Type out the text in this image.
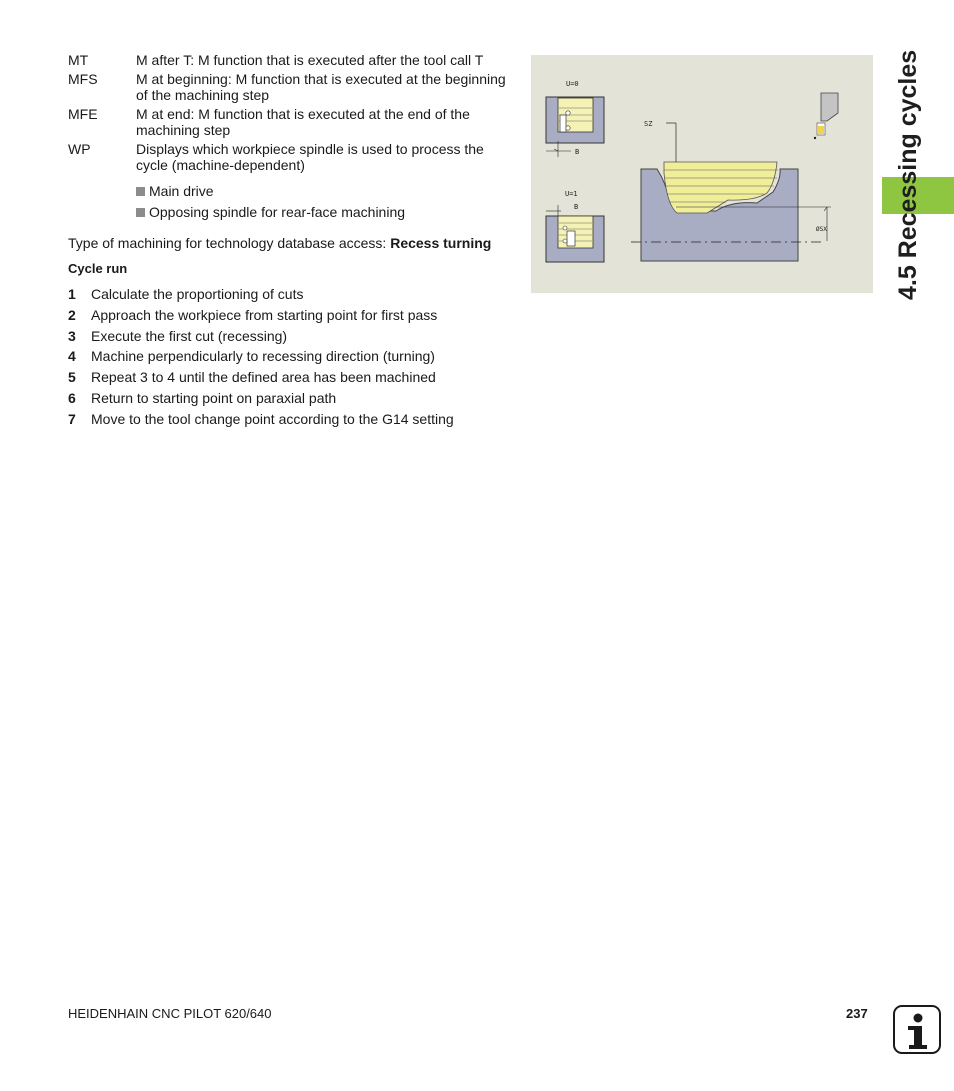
MT	M after T: M function that is executed after the tool call T
MFS	M at beginning: M function that is executed at the beginning of the machining step
MFE	M at end: M function that is executed at the end of the machining step
WP	Displays which workpiece spindle is used to process the cycle (machine-dependent)
Main drive
Opposing spindle for rear-face machining
Type of machining for technology database access: Recess turning
Cycle run
1	Calculate the proportioning of cuts
2	Approach the workpiece from starting point for first pass
3	Execute the first cut (recessing)
4	Machine perpendicularly to recessing direction (turning)
5	Repeat 3 to 4 until the defined area has been machined
6	Return to starting point on paraxial path
7	Move to the tool change point according to the G14 setting
U=0
B
U=1
B
SZ
ØSX	4.5 Recessing cycles
HEIDENHAIN CNC PILOT 620/640	237
